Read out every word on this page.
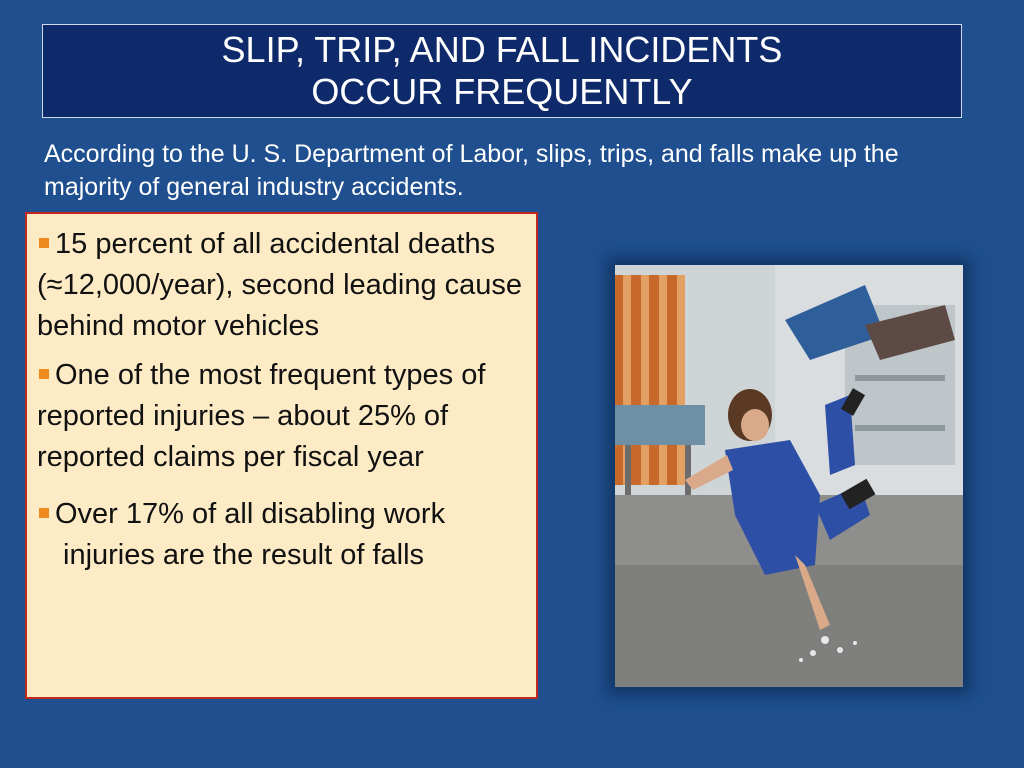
SLIP, TRIP, AND FALL INCIDENTS
OCCUR FREQUENTLY
According to the U. S. Department of Labor, slips, trips, and falls make up the majority of general industry accidents.
15 percent of all accidental deaths (≈12,000/year), second leading cause behind motor vehicles
One of the most frequent types of reported injuries – about 25% of reported claims per fiscal year
Over 17% of all disabling work injuries are the result of falls
